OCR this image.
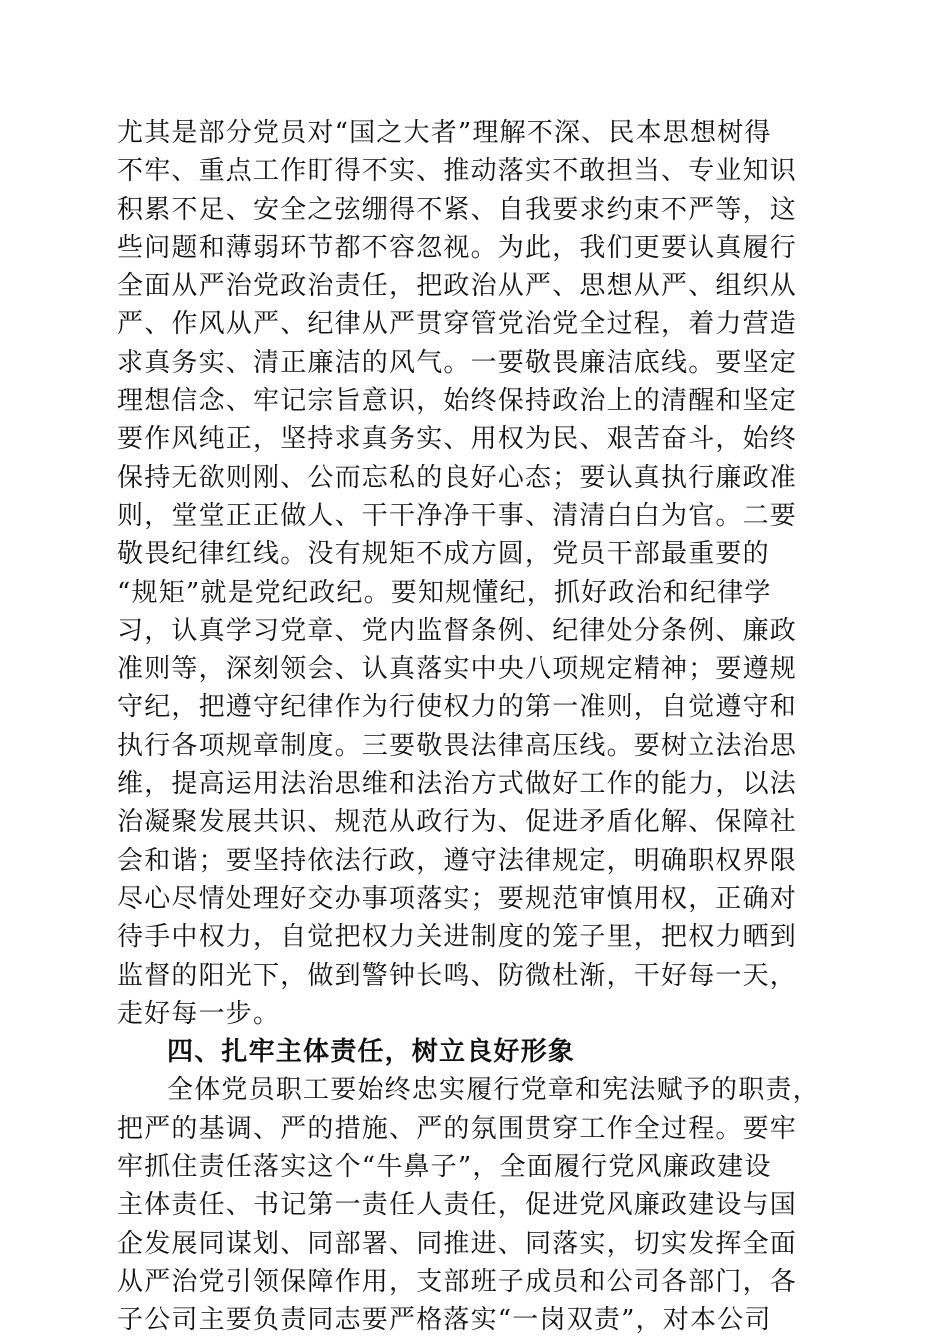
尤其是部分党员对“国之大者”理解不深、民本思想树得
不牢、重点工作盯得不实、推动落实不敢担当、专业知识
积累不足、安全之弦绷得不紧、自我要求约束不严等，这
些问题和薄弱环节都不容忽视。为此，我们更要认真履行
全面从严治党政治责任，把政治从严、思想从严、组织从
严、作风从严、纪律从严贯穿管党治党全过程，着力营造
求真务实、清正廉洁的风气。一要敬畏廉洁底线。要坚定
理想信念、牢记宗旨意识，始终保持政治上的清醒和坚定
要作风纯正，坚持求真务实、用权为民、艰苦奋斗，始终
保持无欲则刚、公而忘私的良好心态；要认真执行廉政准
则，堂堂正正做人、干干净净干事、清清白白为官。二要
敬畏纪律红线。没有规矩不成方圆，党员干部最重要的
“规矩”就是党纪政纪。要知规懂纪，抓好政治和纪律学
习，认真学习党章、党内监督条例、纪律处分条例、廉政
准则等，深刻领会、认真落实中央八项规定精神；要遵规
守纪，把遵守纪律作为行使权力的第一准则，自觉遵守和
执行各项规章制度。三要敬畏法律高压线。要树立法治思
维，提高运用法治思维和法治方式做好工作的能力，以法
治凝聚发展共识、规范从政行为、促进矛盾化解、保障社
会和谐；要坚持依法行政，遵守法律规定，明确职权界限
尽心尽情处理好交办事项落实；要规范审慎用权，正确对
待手中权力，自觉把权力关进制度的笼子里，把权力晒到
监督的阳光下，做到警钟长鸣、防微杜渐，干好每一天，
走好每一步。
四、扎牢主体责任，树立良好形象
全体党员职工要始终忠实履行党章和宪法赋予的职责，
把严的基调、严的措施、严的氛围贯穿工作全过程。要牢
牢抓住责任落实这个“牛鼻子”，全面履行党风廉政建设
主体责任、书记第一责任人责任，促进党风廉政建设与国
企发展同谋划、同部署、同推进、同落实，切实发挥全面
从严治党引领保障作用，支部班子成员和公司各部门，各
子公司主要负责同志要严格落实“一岗双责”，对本公司
